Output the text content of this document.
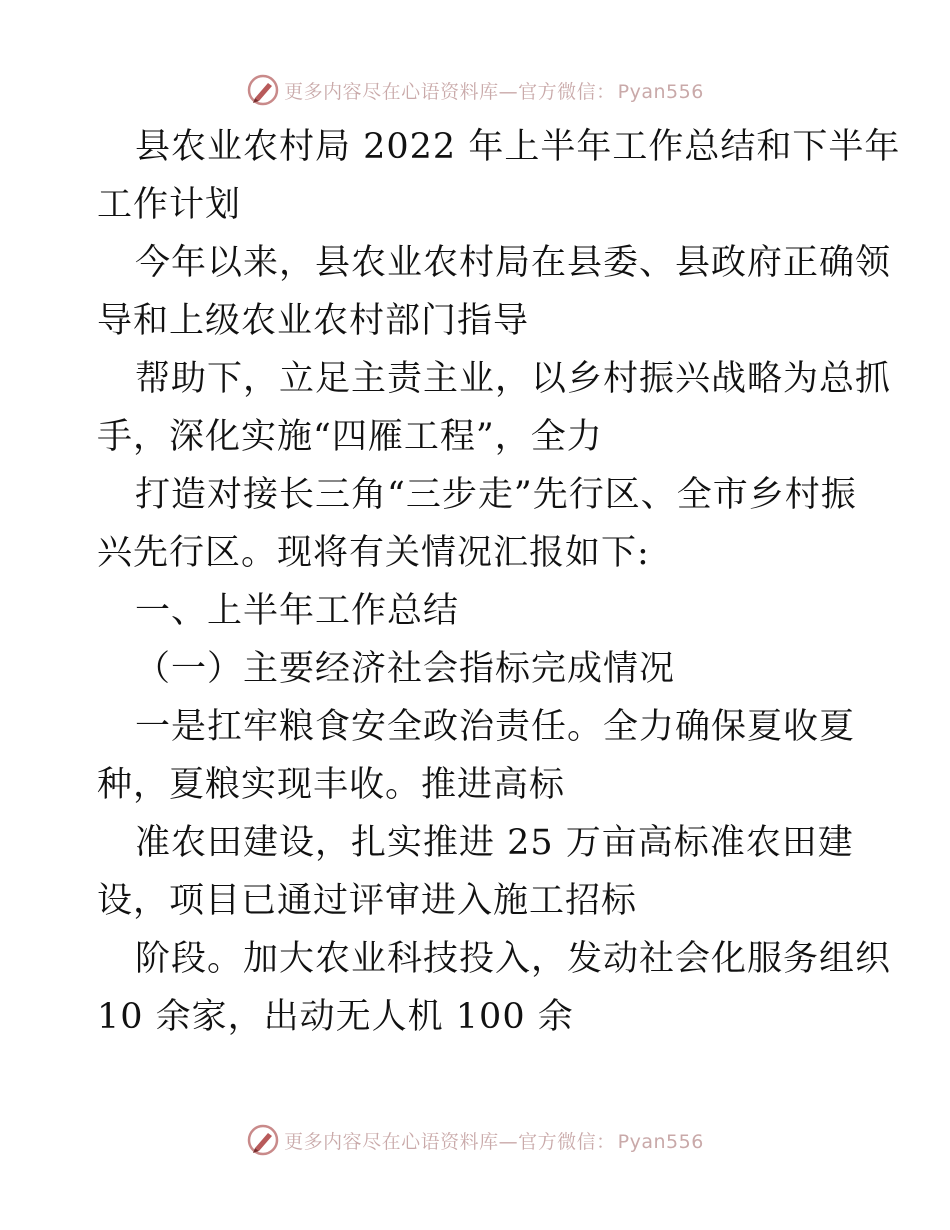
更多内容尽在心语资料库—官方微信： Pyan556
县农业农村局 2022 年上半年工作总结和下半年
工作计划
今年以来，县农业农村局在县委、县政府正确领
导和上级农业农村部门指导
帮助下，立足主责主业，以乡村振兴战略为总抓
手，深化实施“四雁工程”，全力
打造对接长三角“三步走”先行区、全市乡村振
兴先行区。现将有关情况汇报如下:
一、上半年工作总结
（一）主要经济社会指标完成情况
一是扛牢粮食安全政治责任。全力确保夏收夏
种，夏粮实现丰收。推进高标
准农田建设，扎实推进 25 万亩高标准农田建
设，项目已通过评审进入施工招标
阶段。加大农业科技投入，发动社会化服务组织
10 余家，出动无人机 100 余
更多内容尽在心语资料库—官方微信： Pyan556
